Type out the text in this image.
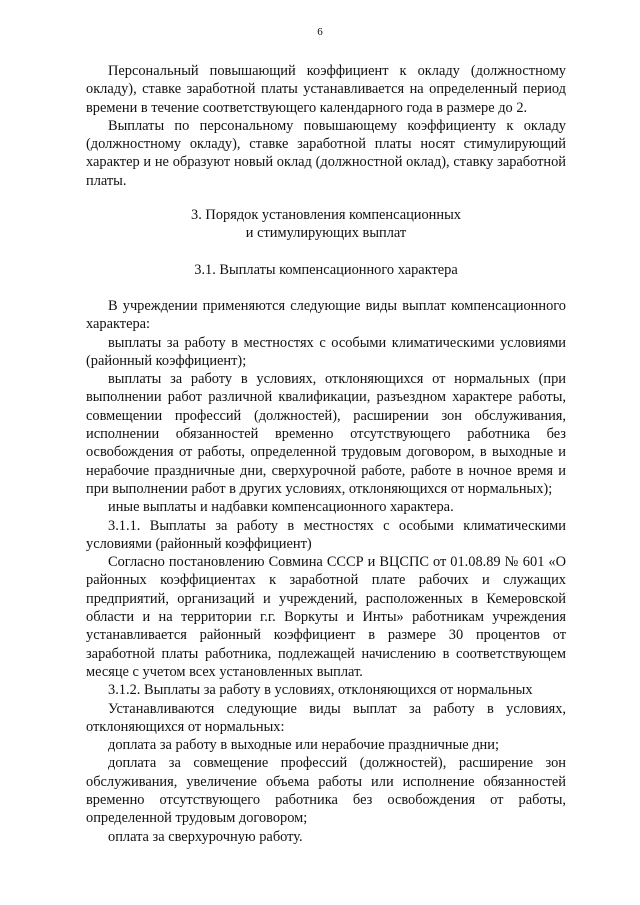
6

Персональный повышающий коэффициент к окладу (должностному окладу), ставке заработной платы устанавливается на определенный период времени в течение соответствующего календарного года в размере до 2.

Выплаты по персональному повышающему коэффициенту к окладу (должностному окладу), ставке заработной платы носят стимулирующий характер и не образуют новый оклад (должностной оклад), ставку заработной платы.

3. Порядок установления компенсационных

и стимулирующих выплат

3.1. Выплаты компенсационного характера

В учреждении применяются следующие виды выплат компенсационного характера:

выплаты за работу в местностях с особыми климатическими условиями (районный коэффициент);

выплаты за работу в условиях, отклоняющихся от нормальных (при выполнении работ различной квалификации, разъездном характере работы, совмещении профессий (должностей), расширении зон обслуживания, исполнении обязанностей временно отсутствующего работника без освобождения от работы, определенной трудовым договором, в выходные и нерабочие праздничные дни, сверхурочной работе, работе в ночное время и при выполнении работ в других условиях, отклоняющихся от нормальных);

иные выплаты и надбавки компенсационного характера.

3.1.1. Выплаты за работу в местностях с особыми климатическими условиями (районный коэффициент)

Согласно постановлению Совмина СССР и ВЦСПС от 01.08.89 № 601 «О районных коэффициентах к заработной плате рабочих и служащих предприятий, организаций и учреждений, расположенных в Кемеровской области и на территории г.г. Воркуты и Инты» работникам учреждения устанавливается районный коэффициент в размере 30 процентов от заработной платы работника, подлежащей начислению в соответствующем месяце с учетом всех установленных выплат.

3.1.2. Выплаты за работу в условиях, отклоняющихся от нормальных

Устанавливаются следующие виды выплат за работу в условиях, отклоняющихся от нормальных:

доплата за работу в выходные или нерабочие праздничные дни;

доплата за совмещение профессий (должностей), расширение зон обслуживания, увеличение объема работы или исполнение обязанностей временно отсутствующего работника без освобождения от работы, определенной трудовым договором;

оплата за сверхурочную работу.
